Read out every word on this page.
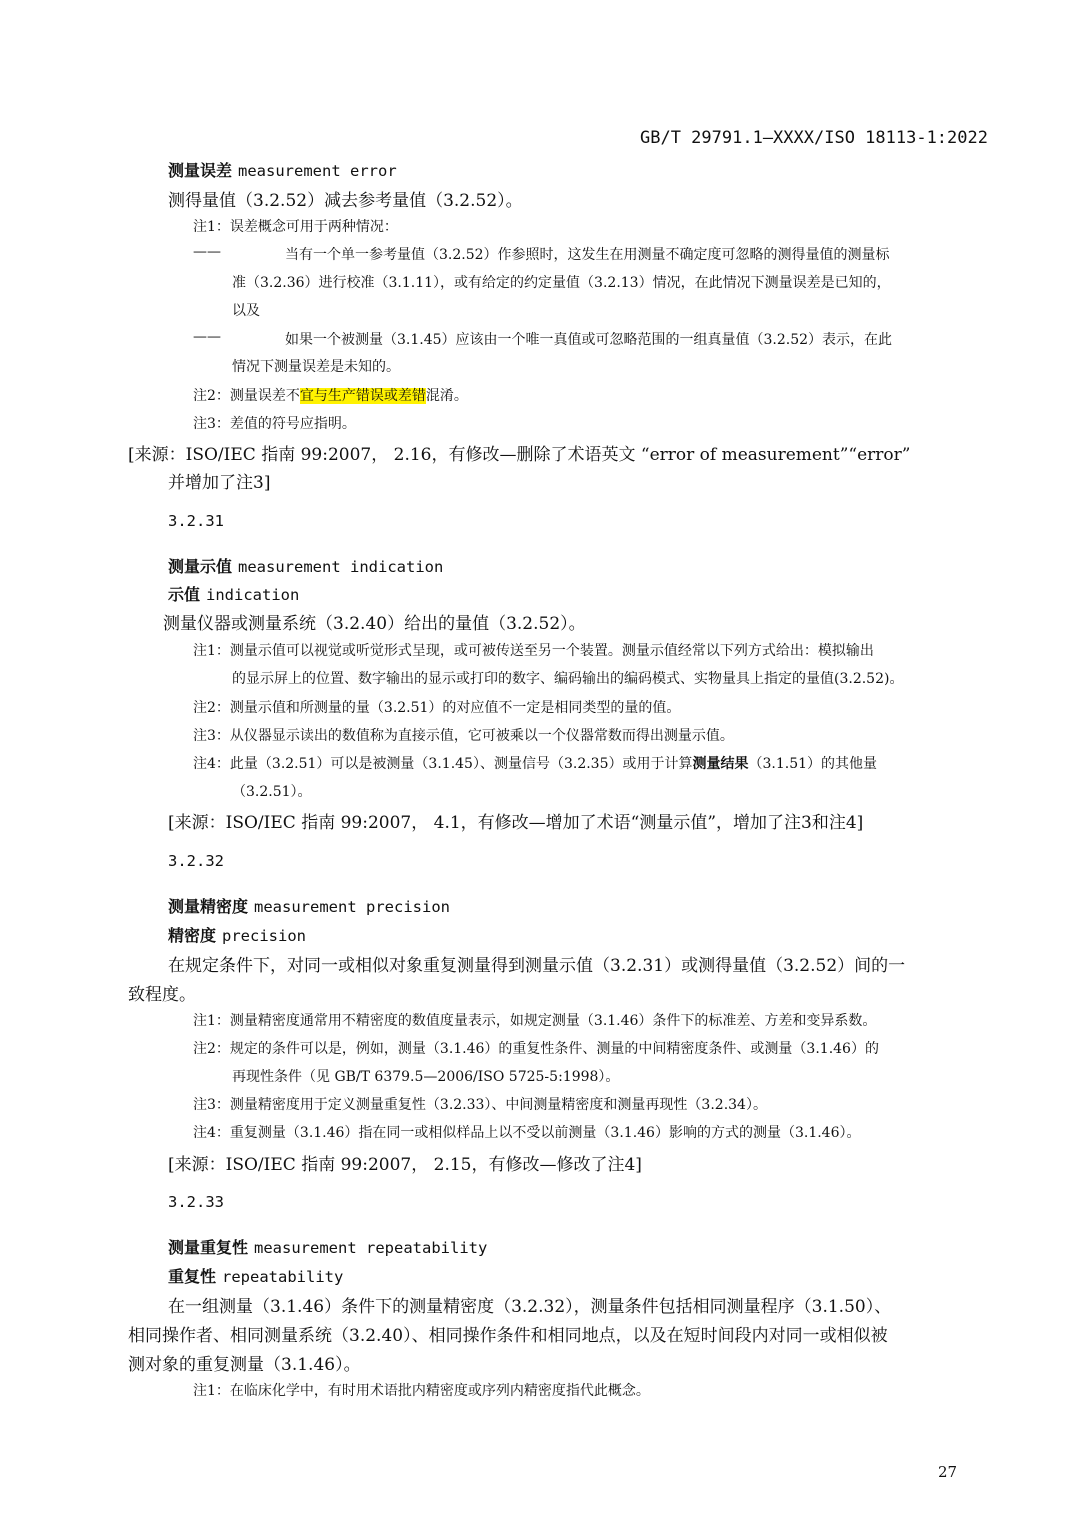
GB/T 29791.1—XXXX/ISO 18113-1:2022
测量误差 measurement error
测得量值（3.2.52）减去参考量值（3.2.52）。
注1：误差概念可用于两种情况：
——	当有一个单一参考量值（3.2.52）作参照时，这发生在用测量不确定度可忽略的测得量值的测量标
准（3.2.36）进行校准（3.1.11），或有给定的约定量值（3.2.13）情况，在此情况下测量误差是已知的，
以及
——	如果一个被测量（3.1.45）应该由一个唯一真值或可忽略范围的一组真量值（3.2.52）表示，在此
情况下测量误差是未知的。
注2：测量误差不宜与生产错误或差错混淆。
注3：差值的符号应指明。
[来源：ISO/IEC 指南 99:2007， 2.16，有修改—删除了术语英文 “error of measurement”“error”
并增加了注3]
3.2.31
测量示值 measurement indication
示值 indication
测量仪器或测量系统（3.2.40）给出的量值（3.2.52）。
注1：测量示值可以视觉或听觉形式呈现，或可被传送至另一个装置。测量示值经常以下列方式给出：模拟输出
的显示屏上的位置、数字输出的显示或打印的数字、编码输出的编码模式、实物量具上指定的量值(3.2.52)。
注2：测量示值和所测量的量（3.2.51）的对应值不一定是相同类型的量的值。
注3：从仪器显示读出的数值称为直接示值，它可被乘以一个仪器常数而得出测量示值。
注4：此量（3.2.51）可以是被测量（3.1.45）、测量信号（3.2.35）或用于计算测量结果（3.1.51）的其他量
（3.2.51）。
[来源：ISO/IEC 指南 99:2007， 4.1，有修改—增加了术语“测量示值”，增加了注3和注4]
3.2.32
测量精密度 measurement precision
精密度 precision
在规定条件下，对同一或相似对象重复测量得到测量示值（3.2.31）或测得量值（3.2.52）间的一
致程度。
注1：测量精密度通常用不精密度的数值度量表示，如规定测量（3.1.46）条件下的标准差、方差和变异系数。
注2：规定的条件可以是，例如，测量（3.1.46）的重复性条件、测量的中间精密度条件、或测量（3.1.46）的
再现性条件（见 GB/T 6379.5—2006/ISO 5725-5:1998）。
注3：测量精密度用于定义测量重复性（3.2.33）、中间测量精密度和测量再现性（3.2.34）。
注4：重复测量（3.1.46）指在同一或相似样品上以不受以前测量（3.1.46）影响的方式的测量（3.1.46）。
[来源：ISO/IEC 指南 99:2007， 2.15，有修改—修改了注4]
3.2.33
测量重复性 measurement repeatability
重复性 repeatability
在一组测量（3.1.46）条件下的测量精密度（3.2.32），测量条件包括相同测量程序（3.1.50）、
相同操作者、相同测量系统（3.2.40）、相同操作条件和相同地点，以及在短时间段内对同一或相似被
测对象的重复测量（3.1.46）。
注1：在临床化学中，有时用术语批内精密度或序列内精密度指代此概念。
27
